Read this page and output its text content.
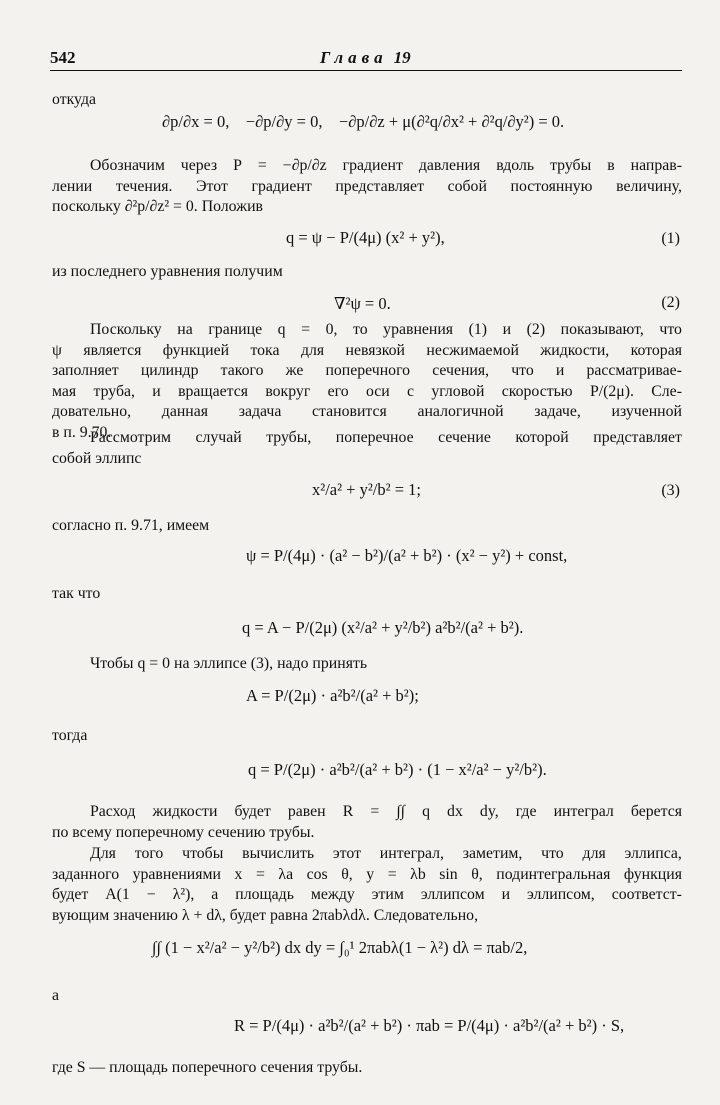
542	Глава 19
откуда
∂p/∂x = 0, −∂p/∂y = 0, −∂p/∂z + μ(∂²q/∂x² + ∂²q/∂y²) = 0.
Обозначим через P = −∂p/∂z градиент давления вдоль трубы в направ-
лении течения. Этот градиент представляет собой постоянную величину,
поскольку ∂²p/∂z² = 0. Положив
q = ψ − P/(4μ) (x² + y²),	(1)
из последнего уравнения получим
∇²ψ = 0.	(2)
Поскольку на границе q = 0, то уравнения (1) и (2) показывают, что
ψ является функцией тока для невязкой несжимаемой жидкости, которая
заполняет цилиндр такого же поперечного сечения, что и рассматривае-
мая труба, и вращается вокруг его оси с угловой скоростью P/(2μ). Сле-
довательно, данная задача становится аналогичной задаче, изученной
в п. 9.70.
Рассмотрим случай трубы, поперечное сечение которой представляет
собой эллипс
x²/a² + y²/b² = 1;	(3)
согласно п. 9.71, имеем
ψ = P/(4μ) · (a² − b²)/(a² + b²) · (x² − y²) + const,
так что
q = A − P/(2μ) (x²/a² + y²/b²) a²b²/(a² + b²).
Чтобы q = 0 на эллипсе (3), надо принять
A = P/(2μ) · a²b²/(a² + b²);
тогда
q = P/(2μ) · a²b²/(a² + b²) · (1 − x²/a² − y²/b²).
Расход жидкости будет равен R = ∫∫ q dx dy, где интеграл берется
по всему поперечному сечению трубы.
Для того чтобы вычислить этот интеграл, заметим, что для эллипса,
заданного уравнениями x = λa cos θ, y = λb sin θ, подинтегральная функция
будет A(1 − λ²), а площадь между этим эллипсом и эллипсом, соответст-
вующим значению λ + dλ, будет равна 2πabλdλ. Следовательно,
∫∫ (1 − x²/a² − y²/b²) dx dy = ∫₀¹ 2πabλ(1 − λ²) dλ = πab/2,
а
R = P/(4μ) · a²b²/(a² + b²) · πab = P/(4μ) · a²b²/(a² + b²) · S,
где S — площадь поперечного сечения трубы.
